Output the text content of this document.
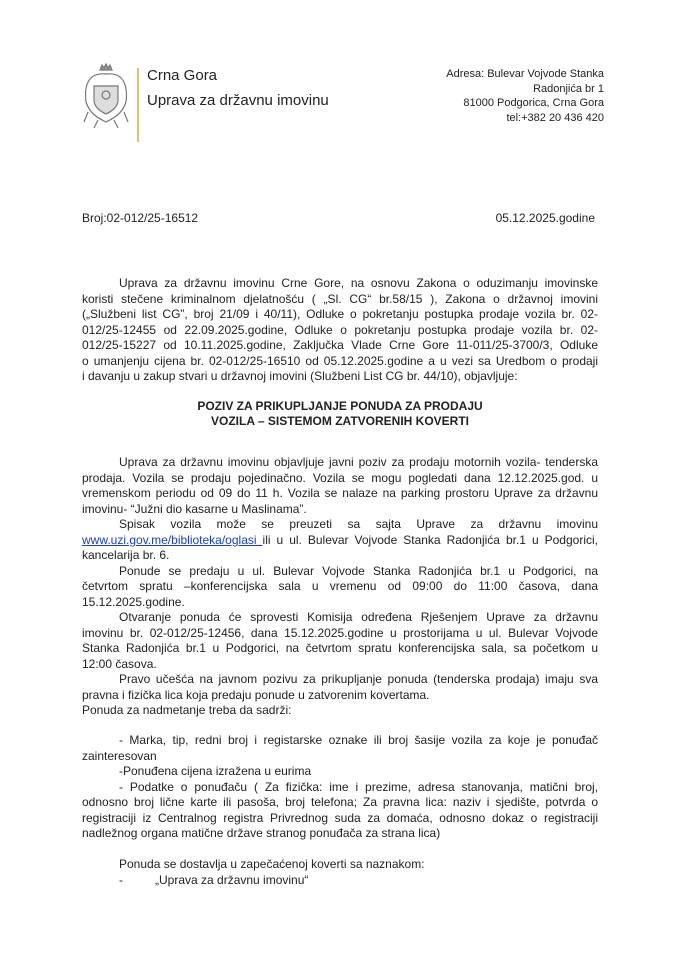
Crna Gora
Uprava za državnu imovinu
Adresa: Bulevar Vojvode Stanka
Radonjića br 1
81000 Podgorica, Crna Gora
tel:+382 20 436 420
Broj:02-012/25-16512	05.12.2025.godine
Uprava za državnu imovinu Crne Gore, na osnovu Zakona o oduzimanju imovinske
koristi stečene kriminalnom djelatnošću ( „Sl. CG“ br.58/15 ), Zakona o državnoj imovini
(„Službeni list CG”, broj 21/09 i 40/11), Odluke o pokretanju postupka prodaje vozila br. 02-
012/25-12455 od 22.09.2025.godine, Odluke o pokretanju postupka prodaje vozila br. 02-
012/25-15227 od 10.11.2025.godine, Zaključka Vlade Crne Gore 11-011/25-3700/3, Odluke
o umanjenju cijena br. 02-012/25-16510 od 05.12.2025.godine a u vezi sa Uredbom o prodaji
i davanju u zakup stvari u državnoj imovini (Službeni List CG br. 44/10), objavljuje:
POZIV ZA PRIKUPLJANJE PONUDA ZA PRODAJU
VOZILA – SISTEMOM ZATVORENIH KOVERTI
Uprava za državnu imovinu objavljuje javni poziv za prodaju motornih vozila- tenderska
prodaja. Vozila se prodaju pojedinačno. Vozila se mogu pogledati dana 12.12.2025.god. u
vremenskom periodu od 09 do 11 h. Vozila se nalaze na parking prostoru Uprave za državnu
imovinu- “Južni dio kasarne u Maslinama”.
Spisak vozila može se preuzeti sa sajta Uprave za državnu imovinu
www.uzi.gov.me/biblioteka/oglasi ili u ul. Bulevar Vojvode Stanka Radonjića br.1 u Podgorici,
kancelarija br. 6.
Ponude se predaju u ul. Bulevar Vojvode Stanka Radonjića br.1 u Podgorici, na
četvrtom spratu –konferencijska sala u vremenu od 09:00 do 11:00 časova, dana
15.12.2025.godine.
Otvaranje ponuda će sprovesti Komisija određena Rješenjem Uprave za državnu
imovinu br. 02-012/25-12456, dana 15.12.2025.godine u prostorijama u ul. Bulevar Vojvode
Stanka Radonjića br.1 u Podgorici, na četvrtom spratu konferencijska sala, sa početkom u
12:00 časova.
Pravo učešća na javnom pozivu za prikupljanje ponuda (tenderska prodaja) imaju sva
pravna i fizička lica koja predaju ponude u zatvorenim kovertama.
Ponuda za nadmetanje treba da sadrži:
- Marka, tip, redni broj i registarske oznake ili broj šasije vozila za koje je ponuđač
zainteresovan
-Ponuđena cijena izražena u eurima
- Podatke o ponuđaču ( Za fizička: ime i prezime, adresa stanovanja, matični broj,
odnosno broj lične karte ili pasoša, broj telefona; Za pravna lica: naziv i sjedište, potvrda o
registraciji iz Centralnog registra Privrednog suda za domaća, odnosno dokaz o registraciji
nadležnog organa matične države stranog ponuđača za strana lica)
Ponuda se dostavlja u zapečaćenoj koverti sa naznakom:
-	„Uprava za državnu imovinu“
